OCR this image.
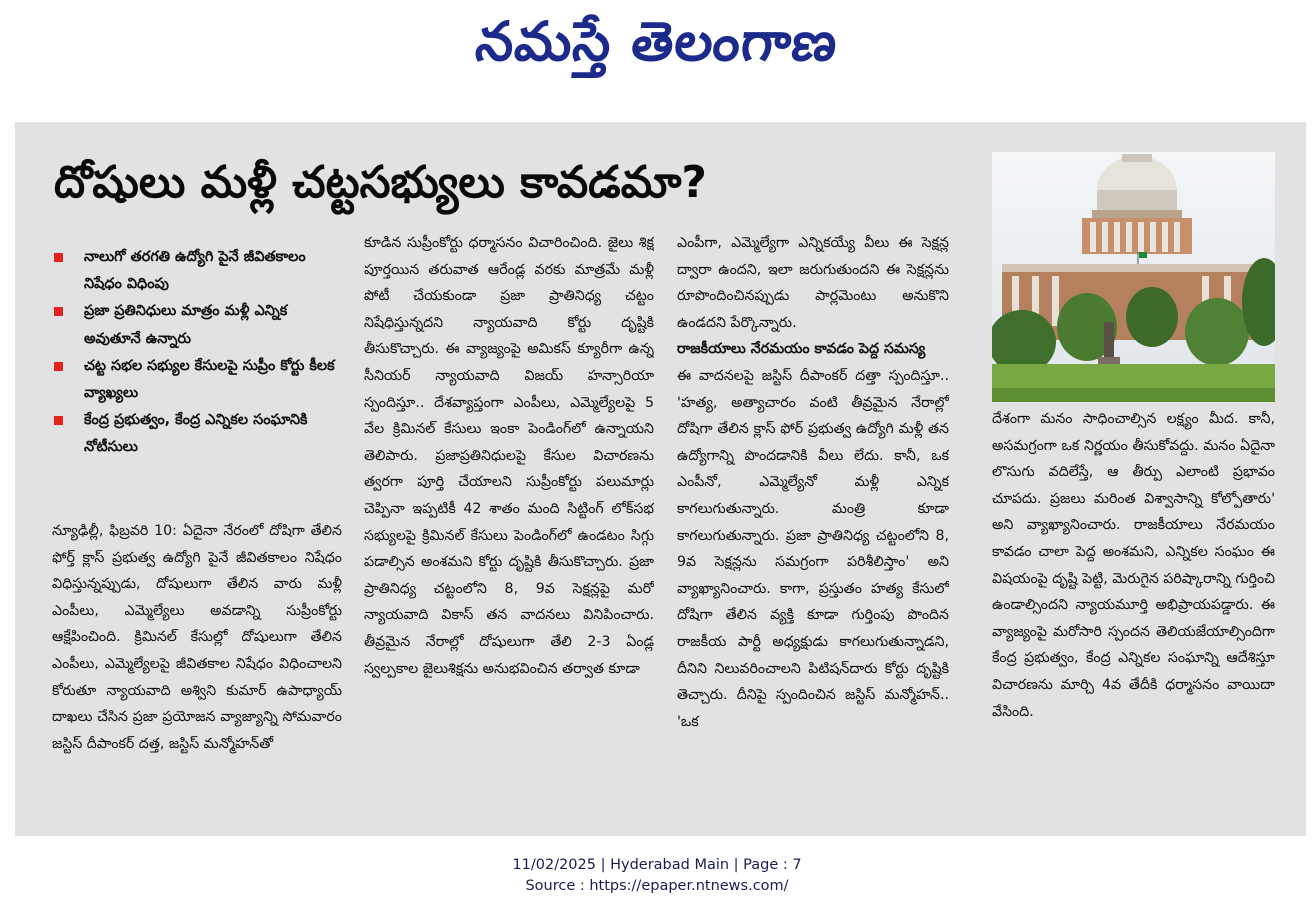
నమస్తే తెలంగాణ
దోషులు మళ్లీ చట్టసభ్యులు కావడమా?
నాలుగో తరగతి ఉద్యోగి పైనే జీవితకాలం నిషేధం విధింపు
ప్రజా ప్రతినిధులు మాత్రం మళ్లీ ఎన్నిక అవుతూనే ఉన్నారు
చట్ట సభల సభ్యుల కేసులపై సుప్రీం కోర్టు కీలక వ్యాఖ్యలు
కేంద్ర ప్రభుత్వం, కేంద్ర ఎన్నికల సంఘానికి నోటీసులు

న్యూఢిల్లీ, ఫిబ్రవరి 10: ఏదైనా నేరంలో దోషిగా తేలిన ఫోర్త్ క్లాస్ ప్రభుత్వ ఉద్యోగి పైనే జీవితకాలం నిషేధం విధిస్తున్నప్పుడు, దోషులుగా తేలిన వారు మళ్లీ ఎంపీలు, ఎమ్మెల్యేలు అవడాన్ని సుప్రీంకోర్టు ఆక్షేపించింది. క్రిమినల్ కేసుల్లో దోషులుగా తేలిన ఎంపీలు, ఎమ్మెల్యేలపై జీవితకాల నిషేధం విధించాలని కోరుతూ న్యాయవాది అశ్విని కుమార్ ఉపాధ్యాయ్ దాఖలు చేసిన ప్రజా ప్రయోజన వ్యాజ్యాన్ని సోమవారం జస్టిస్ దీపాంకర్ దత్త, జస్టిస్ మన్మోహన్‌తో

కూడిన సుప్రీంకోర్టు ధర్మాసనం విచారించింది. జైలు శిక్ష పూర్తయిన తరువాత ఆరేండ్ల వరకు మాత్రమే మళ్లీ పోటీ చేయకుండా ప్రజా ప్రాతినిధ్య చట్టం నిషేధిస్తున్నదని న్యాయవాది కోర్టు దృష్టికి తీసుకొచ్చారు. ఈ వ్యాజ్యంపై అమికస్ క్యూరీగా ఉన్న సీనియర్ న్యాయవాది విజయ్ హన్సారియా స్పందిస్తూ.. దేశవ్యాప్తంగా ఎంపీలు, ఎమ్మెల్యేలపై 5 వేల క్రిమినల్ కేసులు ఇంకా పెండింగ్‌లో ఉన్నాయని తెలిపారు. ప్రజాప్రతినిధులపై కేసుల విచారణను త్వరగా పూర్తి చేయాలని సుప్రీంకోర్టు పలుమార్లు చెప్పినా ఇప్పటికీ 42 శాతం మంది సిట్టింగ్ లోక్‌సభ సభ్యులపై క్రిమినల్ కేసులు పెండింగ్‌లో ఉండటం సిగ్గు పడాల్సిన అంశమని కోర్టు దృష్టికి తీసుకొచ్చారు. ప్రజా ప్రాతినిధ్య చట్టంలోని 8, 9వ సెక్షన్లపై మరో న్యాయవాది వికాస్ తన వాదనలు వినిపించారు. తీవ్రమైన నేరాల్లో దోషులుగా తేలి 2-3 ఏండ్ల స్వల్పకాల జైలుశిక్షను అనుభవించిన తర్వాత కూడా

ఎంపీగా, ఎమ్మెల్యేగా ఎన్నికయ్యే వీలు ఈ సెక్షన్ల ద్వారా ఉందని, ఇలా జరుగుతుందని ఈ సెక్షన్లను రూపొందించినప్పుడు పార్లమెంటు అనుకొని ఉండదని పేర్కొన్నారు.

రాజకీయాలు నేరమయం కావడం పెద్ద సమస్య

ఈ వాదనలపై జస్టిస్ దీపాంకర్ దత్తా స్పందిస్తూ.. 'హత్య, అత్యాచారం వంటి తీవ్రమైన నేరాల్లో దోషిగా తేలిన క్లాస్ ఫోర్ ప్రభుత్వ ఉద్యోగి మళ్లీ తన ఉద్యోగాన్ని పొందడానికి వీలు లేదు. కానీ, ఒక ఎంపీనో, ఎమ్మెల్యేనో మళ్లీ ఎన్నిక కాగలుగుతున్నారు. మంత్రి కూడా కాగలుగుతున్నారు. ప్రజా ప్రాతినిధ్య చట్టంలోని 8, 9వ సెక్షన్లను సమగ్రంగా పరిశీలిస్తాం' అని వ్యాఖ్యానించారు. కాగా, ప్రస్తుతం హత్య కేసులో దోషిగా తేలిన వ్యక్తి కూడా గుర్తింపు పొందిన రాజకీయ పార్టీ అధ్యక్షుడు కాగలుగుతున్నాడని, దీనిని నిలువరించాలని పిటిషన్‌దారు కోర్టు దృష్టికి తెచ్చారు. దీనిపై స్పందించిన జస్టిస్ మన్మోహన్.. 'ఒక

దేశంగా మనం సాధించాల్సిన లక్ష్యం మీద. కానీ, అసమగ్రంగా ఒక నిర్ణయం తీసుకోవద్దు. మనం ఏదైనా లొసుగు వదిలేస్తే, ఆ తీర్పు ఎలాంటి ప్రభావం చూపదు. ప్రజలు మరింత విశ్వాసాన్ని కోల్పోతారు' అని వ్యాఖ్యానించారు. రాజకీయాలు నేరమయం కావడం చాలా పెద్ద అంశమని, ఎన్నికల సంఘం ఈ విషయంపై దృష్టి పెట్టి, మెరుగైన పరిష్కారాన్ని గుర్తించి ఉండాల్సిందని న్యాయమూర్తి అభిప్రాయపడ్డారు. ఈ వ్యాజ్యంపై మరోసారి స్పందన తెలియజేయాల్సిందిగా కేంద్ర ప్రభుత్వం, కేంద్ర ఎన్నికల సంఘాన్ని ఆదేశిస్తూ విచారణను మార్చి 4వ తేదీకి ధర్మాసనం వాయిదా వేసింది.

11/02/2025 | Hyderabad Main | Page : 7
Source : https://epaper.ntnews.com/
